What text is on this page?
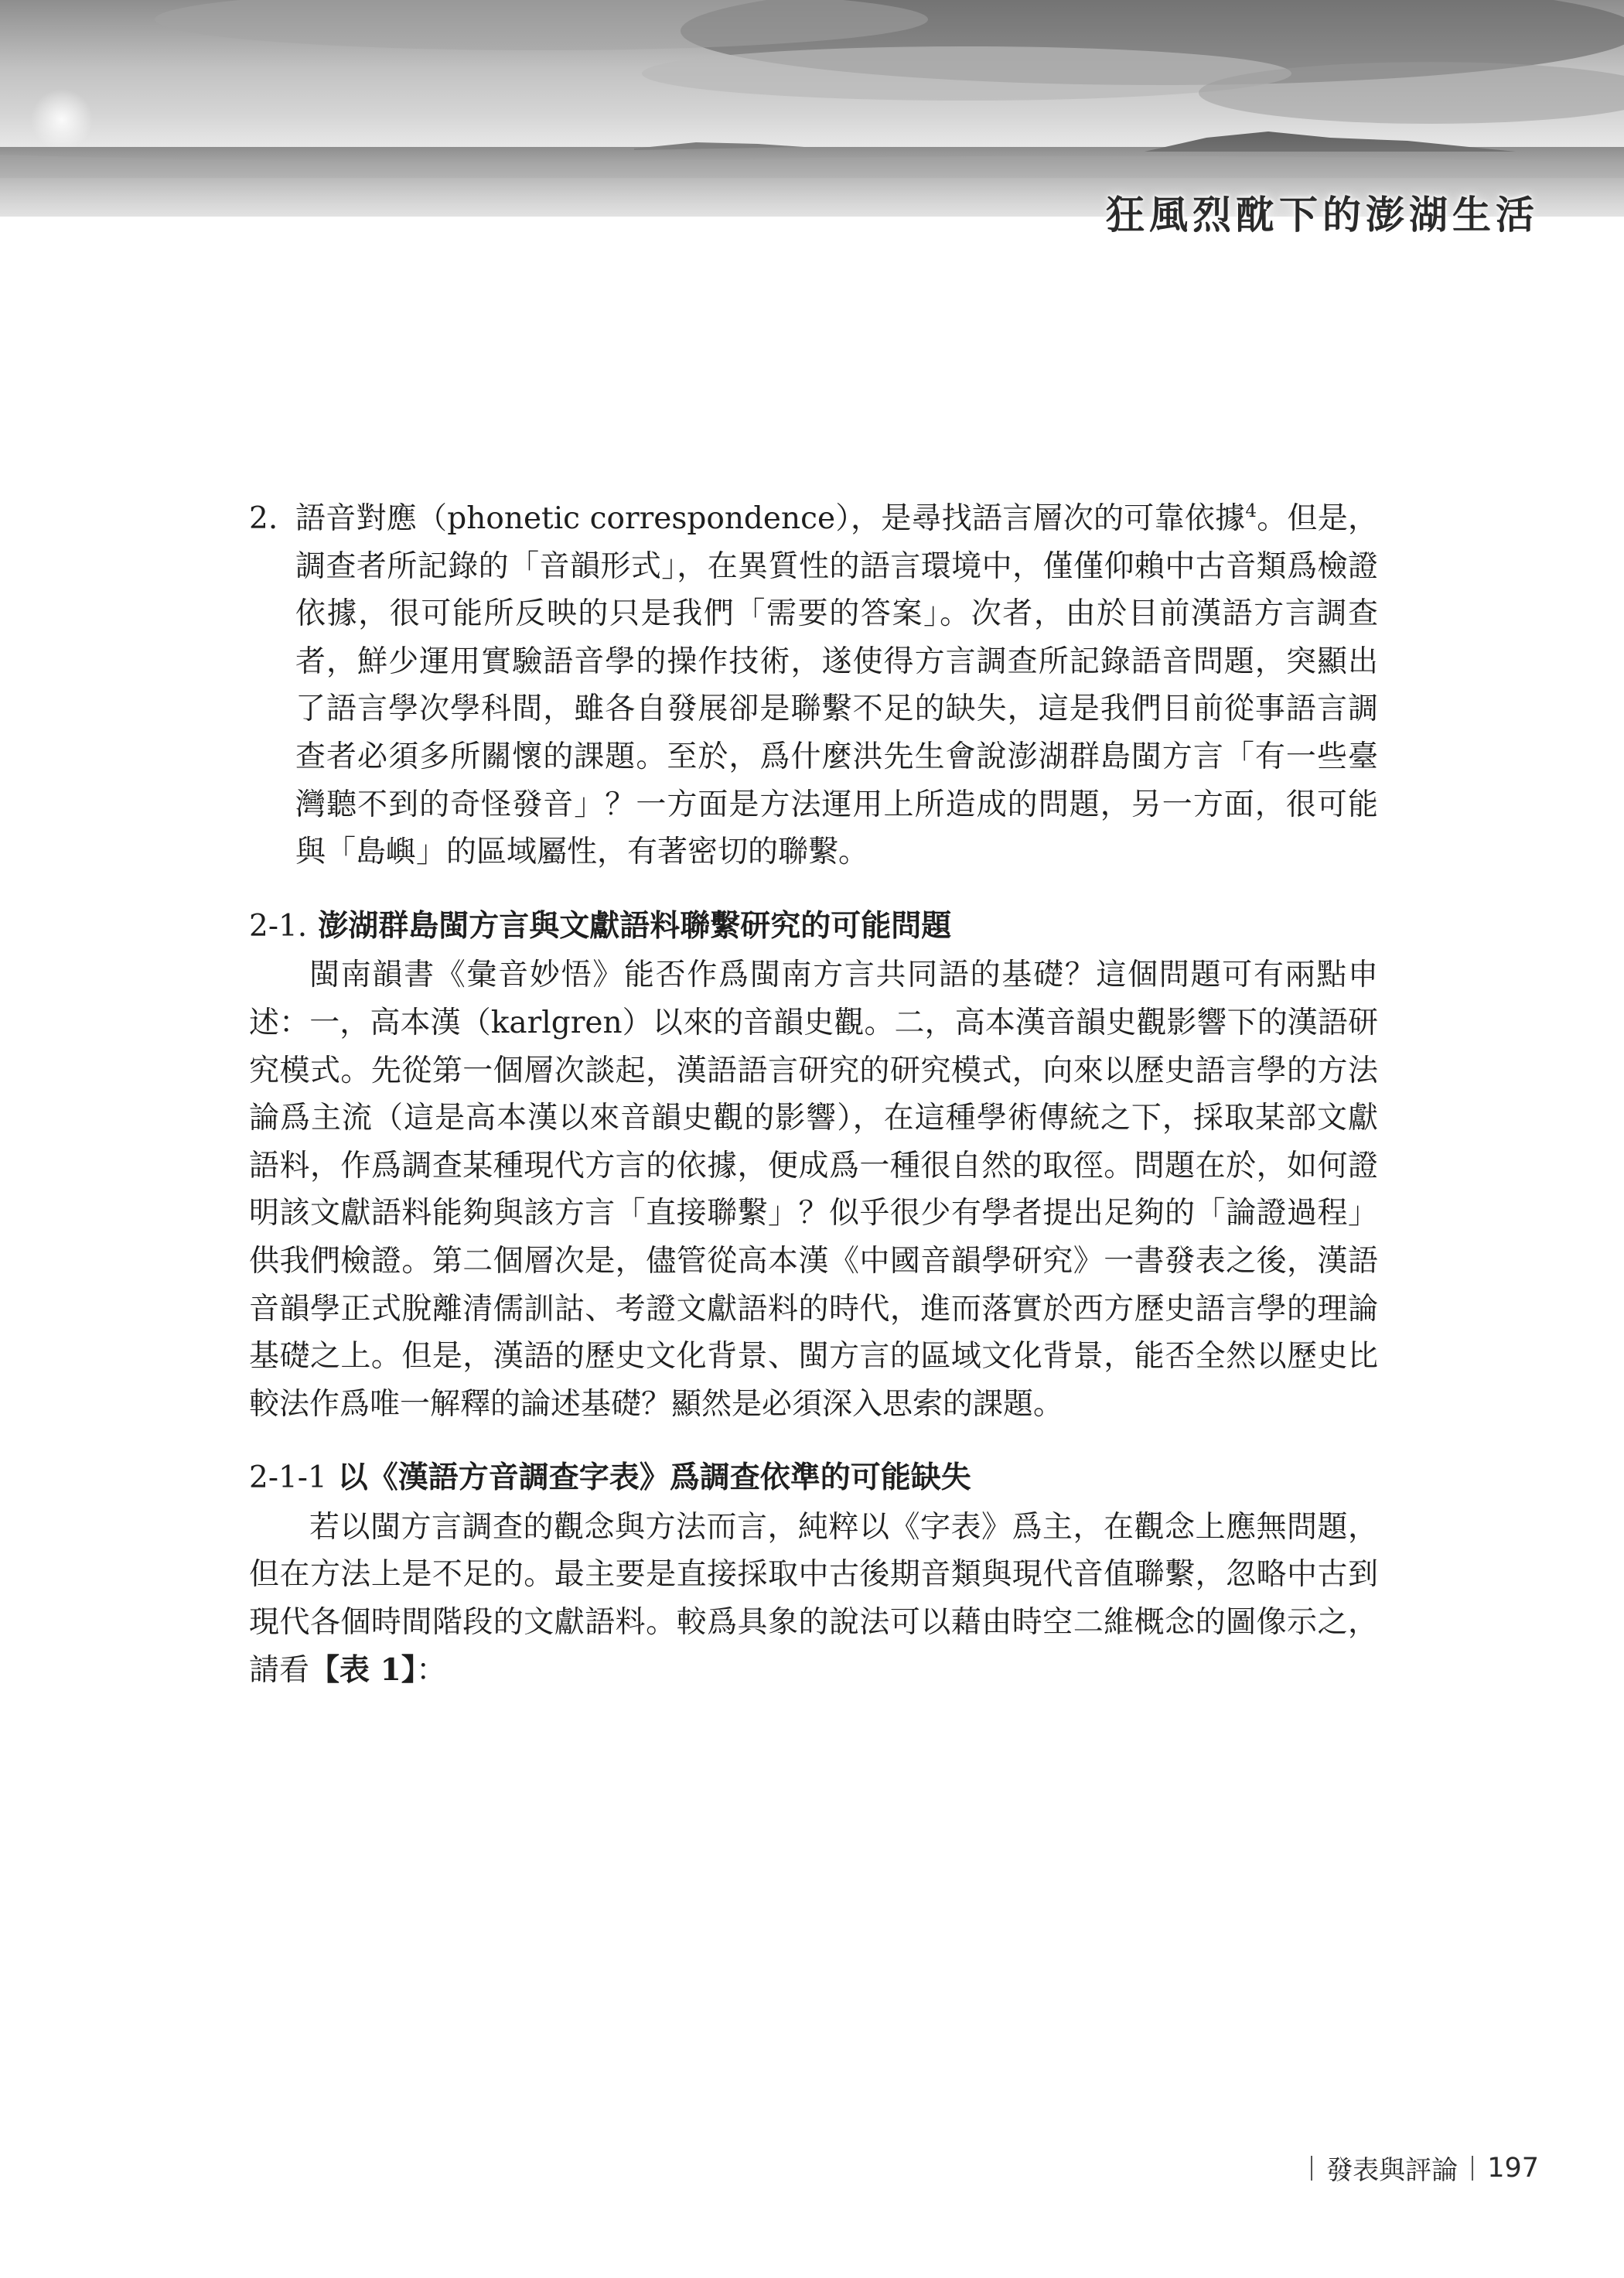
狂風烈酖下的澎湖生活
2. 語音對應（phonetic correspondence），是尋找語言層次的可靠依據$^4$。但是，調查者所記錄的「音韻形式」，在異質性的語言環境中，僅僅仰賴中古音類爲檢證依據，很可能所反映的只是我們「需要的答案」。次者，由於目前漢語方言調查者，鮮少運用實驗語音學的操作技術，遂使得方言調查所記錄語音問題，突顯出了語言學次學科間，雖各自發展卻是聯繫不足的缺失，這是我們目前從事語言調查者必須多所關懷的課題。至於，爲什麼洪先生會說澎湖群島閩方言「有一些臺灣聽不到的奇怪發音」？一方面是方法運用上所造成的問題，另一方面，很可能與「島嶼」的區域屬性，有著密切的聯繫。
2-1. 澎湖群島閩方言與文獻語料聯繫研究的可能問題

閩南韻書《彙音妙悟》能否作爲閩南方言共同語的基礎？這個問題可有兩點申述：一，高本漢（karlgren）以來的音韻史觀。二，高本漢音韻史觀影響下的漢語研究模式。先從第一個層次談起，漢語語言研究的研究模式，向來以歷史語言學的方法論爲主流（這是高本漢以來音韻史觀的影響），在這種學術傳統之下，採取某部文獻語料，作爲調查某種現代方言的依據，便成爲一種很自然的取徑。問題在於，如何證明該文獻語料能夠與該方言「直接聯繫」？似乎很少有學者提出足夠的「論證過程」供我們檢證。第二個層次是，儘管從高本漢《中國音韻學研究》一書發表之後，漢語音韻學正式脫離清儒訓詁、考證文獻語料的時代，進而落實於西方歷史語言學的理論基礎之上。但是，漢語的歷史文化背景、閩方言的區域文化背景，能否全然以歷史比較法作爲唯一解釋的論述基礎？顯然是必須深入思索的課題。

2-1-1 以《漢語方音調查字表》爲調查依準的可能缺失

若以閩方言調查的觀念與方法而言，純粹以《字表》爲主，在觀念上應無問題，但在方法上是不足的。最主要是直接採取中古後期音類與現代音值聯繫，忽略中古到現代各個時間階段的文獻語料。較爲具象的說法可以藉由時空二維概念的圖像示之，請看【表 1】：

發表與評論 197
